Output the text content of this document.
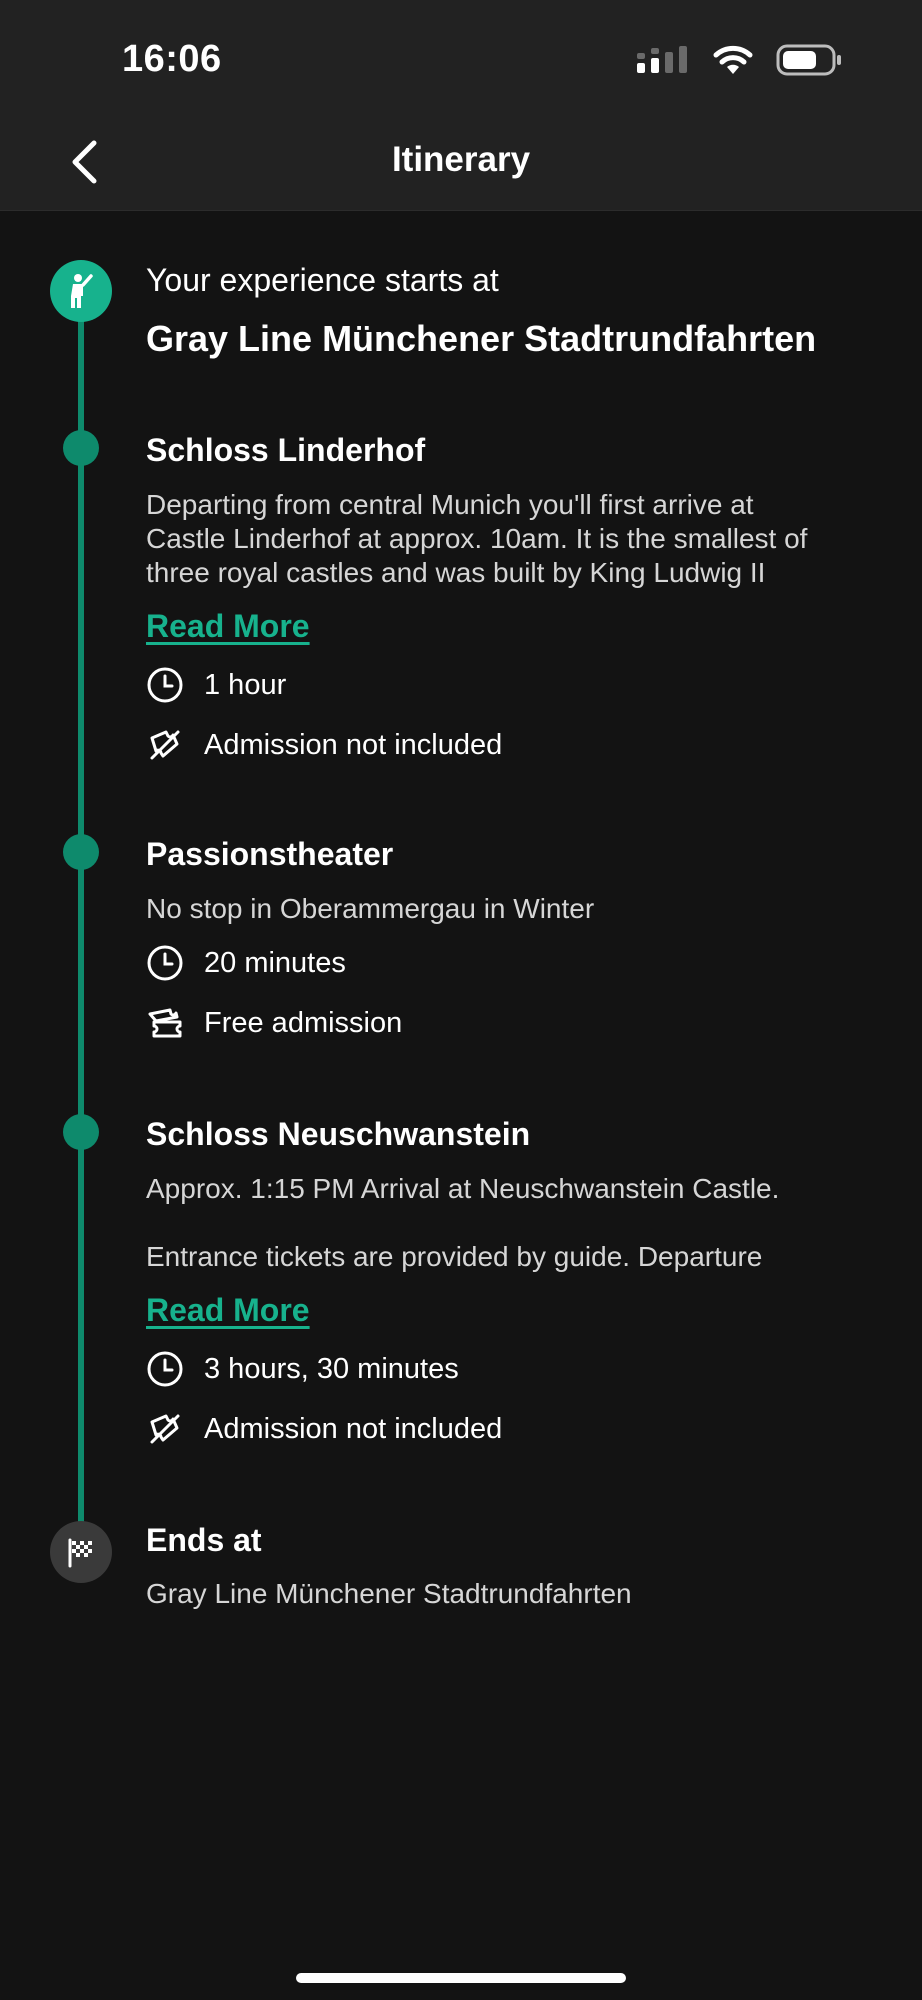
16:06
Itinerary
Your experience starts at
Gray Line Münchener Stadtrundfahrten
Schloss Linderhof
Departing from central Munich you'll first arrive at
Castle Linderhof at approx. 10am. It is the smallest of
three royal castles and was built by King Ludwig II
Read More
1 hour
Admission not included
Passionstheater
No stop in Oberammergau in Winter
20 minutes
Free admission
Schloss Neuschwanstein
Approx. 1:15 PM Arrival at Neuschwanstein Castle.
Entrance tickets are provided by guide. Departure
Read More
3 hours, 30 minutes
Admission not included
Ends at
Gray Line Münchener Stadtrundfahrten
